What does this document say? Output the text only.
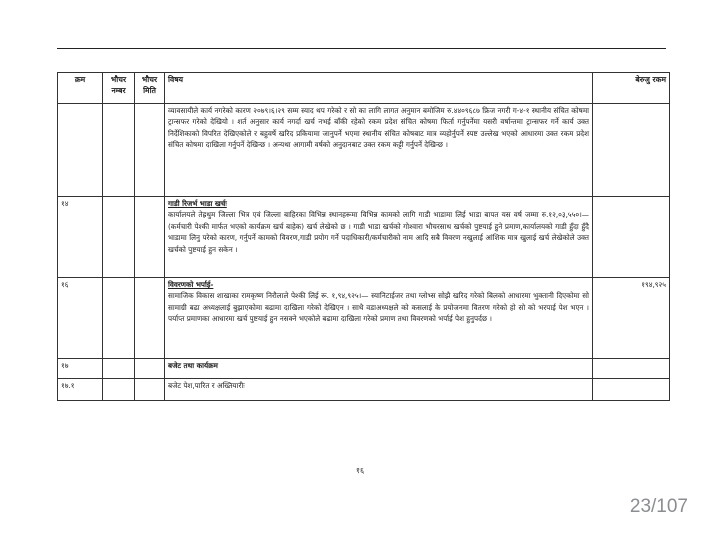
क्रम	भौचर नम्बर	भौचर मिति	विषय	बेरुजु रकम

			व्यावसायीले कार्य नगरेको कारण २०७९।६।२९ सम्म स्याद थप गरेको र सो का लागि लागत अनुमान बमोजिम रु.४४०९६८७ फ्रिज नगरी ग-४-१ स्थानीय संचित कोषमा ट्रान्सफर गरेको देखियो । शर्त अनुसार कार्य नगर्दा खर्च नभई बाँकी रहेको रकम प्रदेश संचित कोषमा फिर्ता गर्नुपर्नेमा यसरी वर्षान्तमा ट्रान्सफर गर्ने कार्य उक्त निर्देशिकाको विपरित देखिएकोले र बहुवर्षे खरिद प्रकियामा जानुपर्ने भएमा स्थानीय संचित कोषबाट मात्र व्यहोर्नुपर्ने स्पष्ट उल्लेख भएको आधारमा उक्त रकम प्रदेश संचित कोषमा दाखिला गर्नुपर्ने देखिन्छ । अन्यथा आगामी वर्षको अनुदानबाट उक्त रकम कट्टी गर्नुपर्ने देखिन्छ ।	

१४			गाडी रिजर्भ भाडा खर्चः
कार्यालयले तेह्रथुम जिल्ला भित्र एवं जिल्ला बाहिरका विभिन्न स्थानहरूमा विभिन्न कामको लागि गाडी भाडामा लिई भाडा बापत यस वर्ष जम्मा रु.१२,०३,५५०।— (कर्मचारी पेश्की मार्फत भएको कार्यक्रम खर्च बाहेक) खर्च लेखेको छ । गाडी भाडा खर्चको गोश्वारा भौचरसाथ खर्चको पुष्टयाई हुने प्रमाण,कार्यालयको गाडी हुँदा हुँदै भाडामा लिनु परेको कारण, गर्नुपर्ने कामको विवरण,गाडी प्रयोग गर्ने पदाधिकारी/कर्मचारीको नाम आदि सबै विवरण नखुलाई आंशिक मात्र खुलाई खर्च लेखेकोले उक्त खर्चको पुष्टयाई हुन सकेन ।	

१६			विवरणको भर्पाई-
सामाजिक विकास शाखाका रामकृष्ण निरौलाले पेश्की लिई रू. १,९४,९२५।— स्यानिटाईजर तथा ग्लोभ्स सोझै खरिद गरेको बिलको आधारमा भुक्तानी दिएकोमा सो सामाग्री बढा अध्यक्षलाई बुझाएकोमा बढामा दाखिला गरेको देखिएन । साथै वडाअध्यक्षले को कसलाई के प्रयोजनमा वितरण गरेको हो सो को भरपाई पेश भएन । पर्याप्त प्रमाणका आधारमा खर्च पुष्टयाई हुन नसक्ने भएकोले बढामा दाखिला गरेको प्रमाण तथा विवरणको भर्पाई पेश हुनुपर्दछ ।	१९४,९२५
१७			बजेट तथा कार्यक्रम	

१७.१			बजेट पेश,पारित र अख्तियारीः	

१६
23/107
